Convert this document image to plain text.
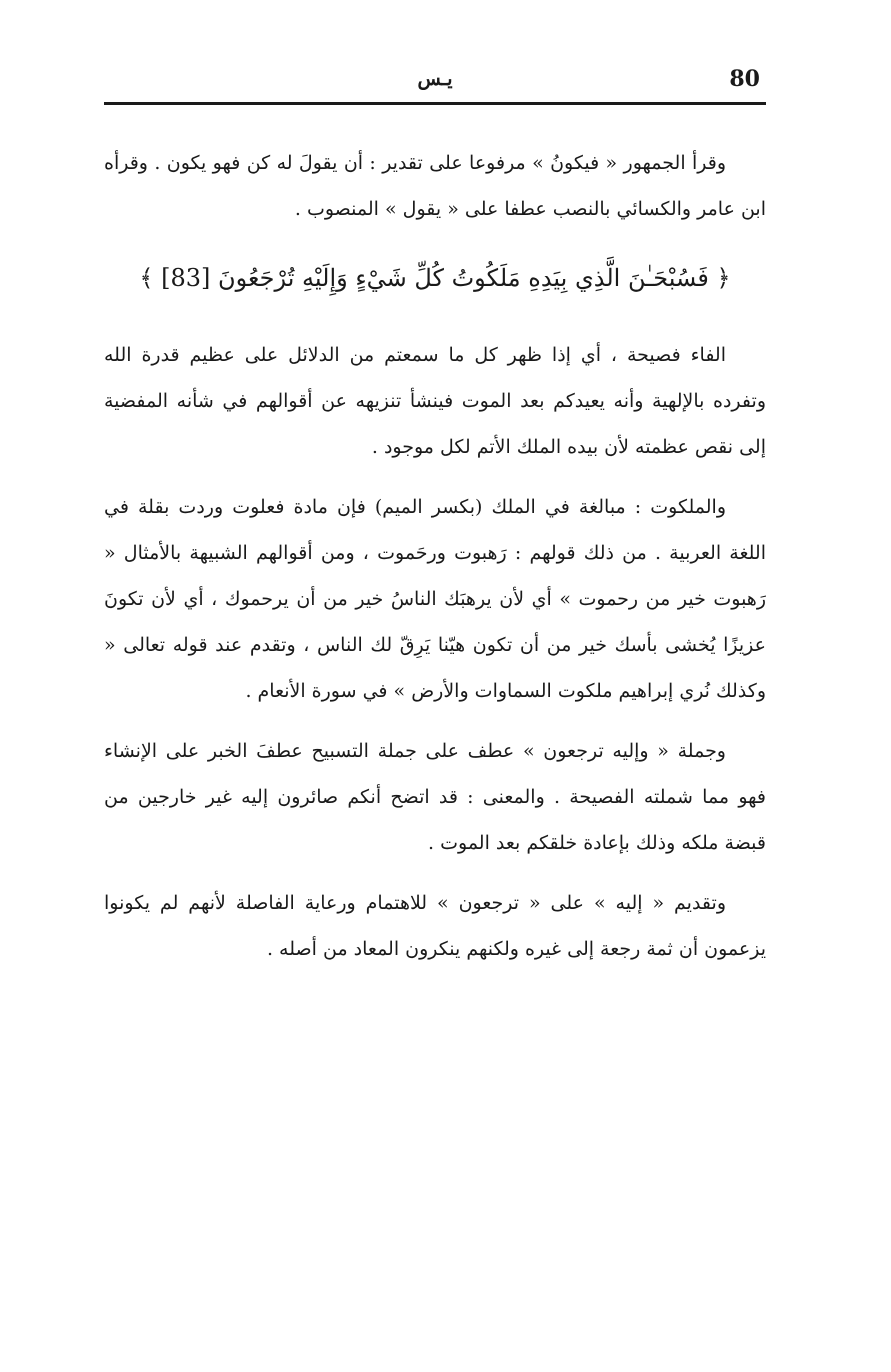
80
يـس

وقرأ الجمهور « فيكونُ » مرفوعا على تقدير : أن يقولَ له كن فهو يكون . وقرأه ابن عامر والكسائي بالنصب عطفا على « يقول » المنصوب .

﴿ فَسُبْحَـٰنَ الَّذِي بِيَدِهِ مَلَكُوتُ كُلِّ شَيْءٍ وَإِلَيْهِ تُرْجَعُونَ [83] ﴾

الفاء فصيحة ، أي إذا ظهر كل ما سمعتم من الدلائل على عظيم قدرة الله وتفرده بالإلهية وأنه يعيدكم بعد الموت فينشأ تنزيهه عن أقوالهم في شأنه المفضية إلى نقص عظمته لأن بيده الملك الأتم لكل موجود .

والملكوت : مبالغة في الملك (بكسر الميم) فإن مادة فعلوت وردت بقلة في اللغة العربية . من ذلك قولهم : رَهبوت ورحَموت ، ومن أقوالهم الشبيهة بالأمثال « رَهبوت خير من رحموت » أي لأن يرهبَك الناسُ خير من أن يرحموك ، أي لأن تكونَ عزيزًا يُخشى بأسك خير من أن تكون هيّنا يَرِقّ لك الناس ، وتقدم عند قوله تعالى « وكذلك نُري إبراهيم ملكوت السماوات والأرض » في سورة الأنعام .

وجملة « وإليه ترجعون » عطف على جملة التسبيح عطفَ الخبر على الإنشاء فهو مما شملته الفصيحة . والمعنى : قد اتضح أنكم صائرون إليه غير خارجين من قبضة ملكه وذلك بإعادة خلقكم بعد الموت .

وتقديم « إليه » على « ترجعون » للاهتمام ورعاية الفاصلة لأنهم لم يكونوا يزعمون أن ثمة رجعة إلى غيره ولكنهم ينكرون المعاد من أصله .
